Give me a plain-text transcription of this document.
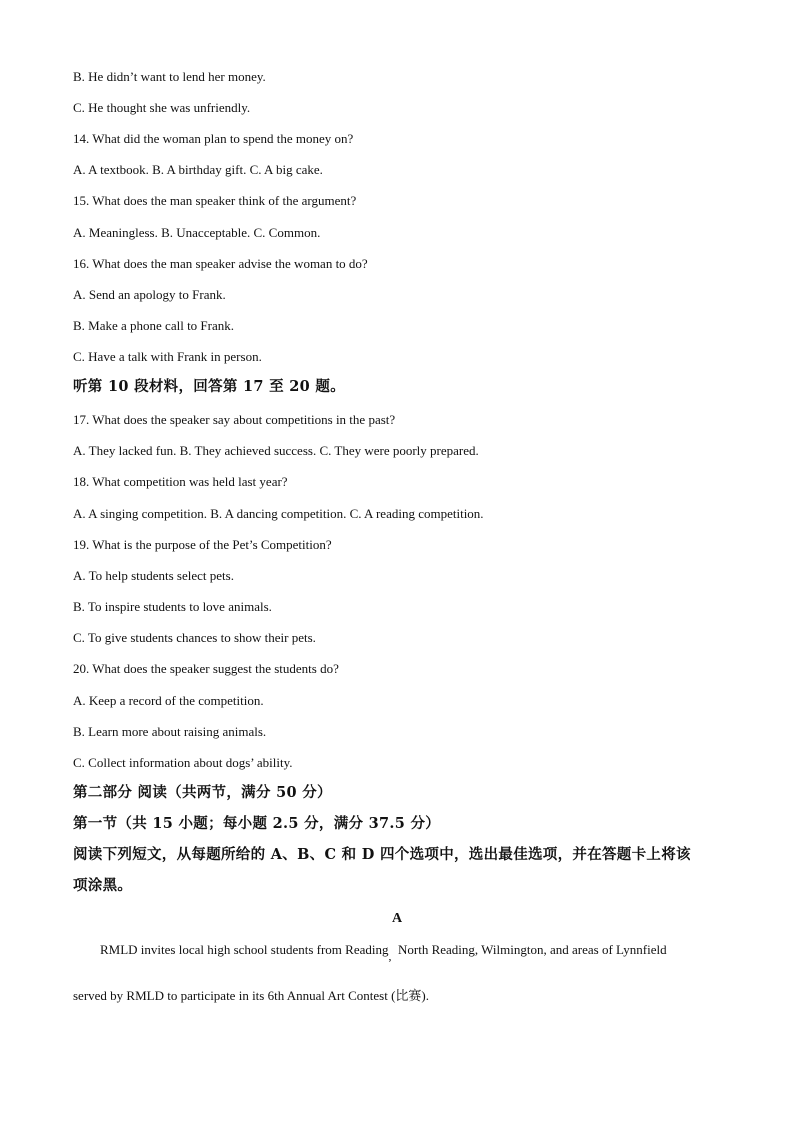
B. He didn’t want to lend her money.
C. He thought she was unfriendly.
14. What did the woman plan to spend the money on?
A. A textbook. B. A birthday gift. C. A big cake.
15. What does the man speaker think of the argument?
A. Meaningless. B. Unacceptable. C. Common.
16. What does the man speaker advise the woman to do?
A. Send an apology to Frank.
B. Make a phone call to Frank.
C. Have a talk with Frank in person.
听第 10 段材料，回答第 17 至 20 题。
17. What does the speaker say about competitions in the past?
A. They lacked fun. B. They achieved success. C. They were poorly prepared.
18. What competition was held last year?
A. A singing competition. B. A dancing competition. C. A reading competition.
19. What is the purpose of the Pet’s Competition?
A. To help students select pets.
B. To inspire students to love animals.
C. To give students chances to show their pets.
20. What does the speaker suggest the students do?
A. Keep a record of the competition.
B. Learn more about raising animals.
C. Collect information about dogs’ ability.
第二部分 阅读（共两节，满分 50 分）
第一节（共 15 小题；每小题 2.5 分，满分 37.5 分）
阅读下列短文，从每题所给的 A、B、C 和 D 四个选项中，选出最佳选项，并在答题卡上将该
项涂黑。
A
RMLD invites local high school students from Reading, North Reading, Wilmington, and areas of Lynnfield
served by RMLD to participate in its 6th Annual Art Contest (比赛).
